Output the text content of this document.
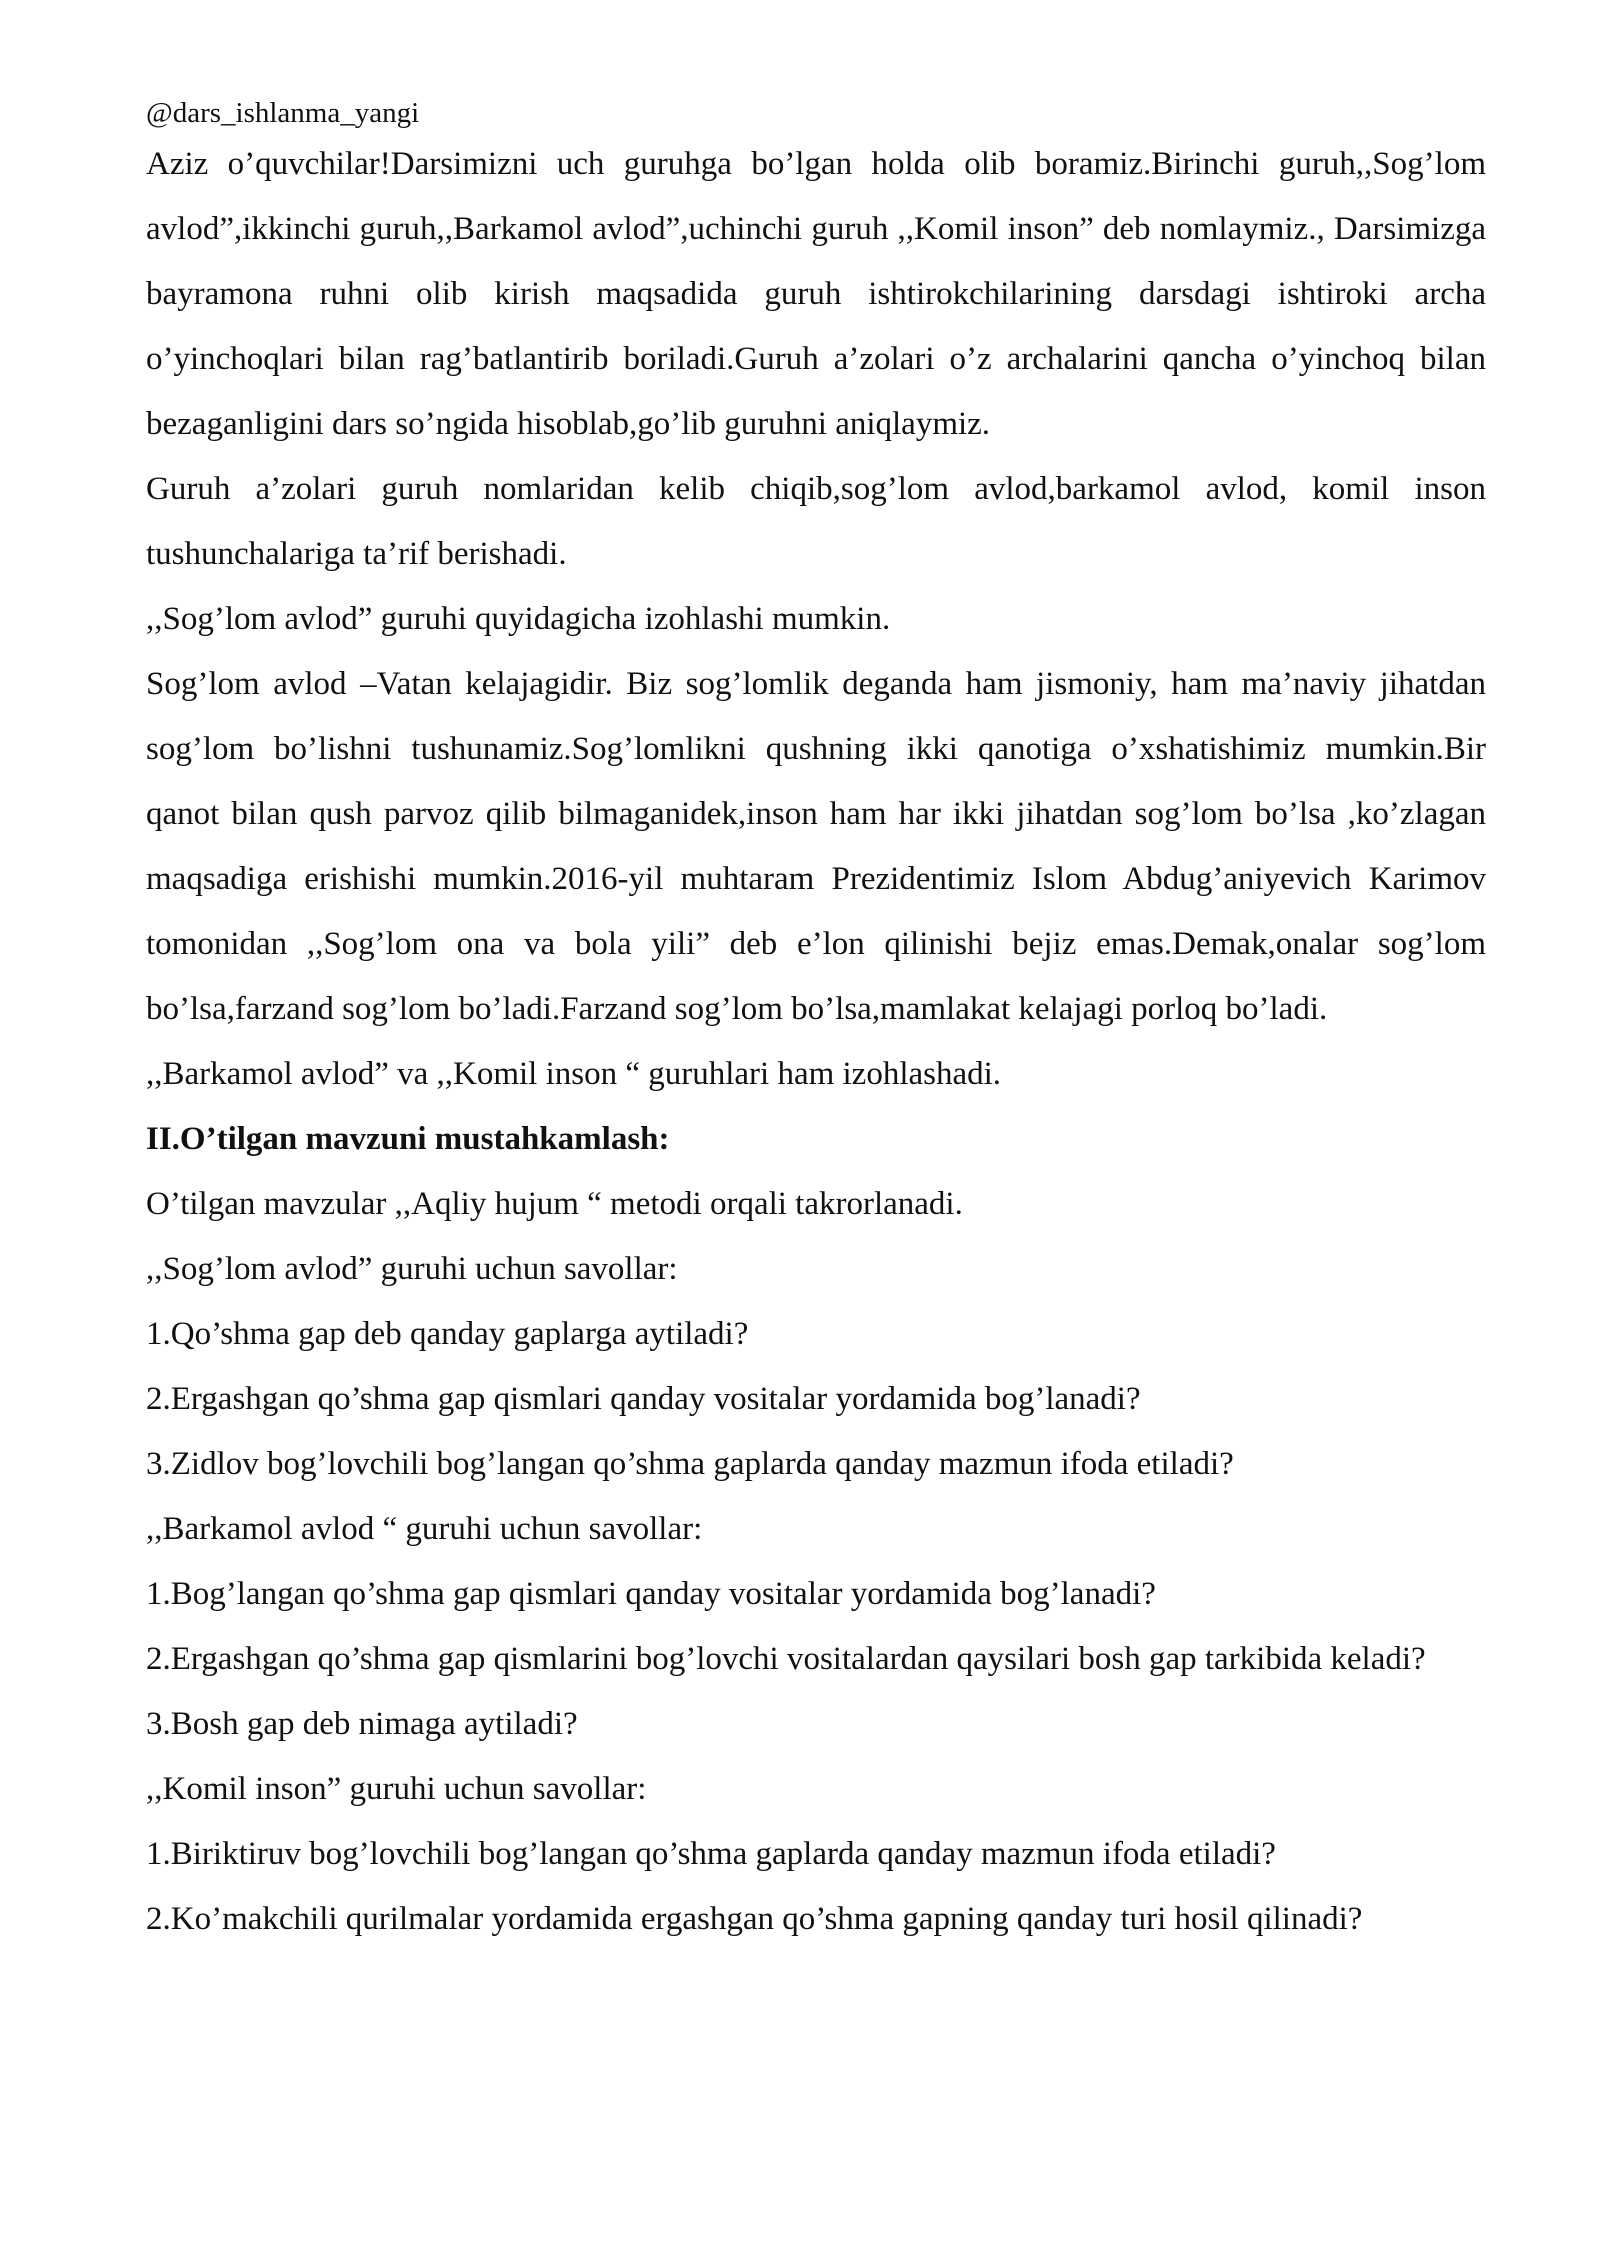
@dars_ishlanma_yangi

Aziz o’quvchilar!Darsimizni uch guruhga bo’lgan holda olib boramiz.Birinchi guruh,,Sog’lom avlod”,ikkinchi guruh,,Barkamol avlod”,uchinchi guruh ,,Komil inson” deb nomlaymiz., Darsimizga bayramona ruhni olib kirish maqsadida guruh ishtirokchilarining darsdagi ishtiroki archa o’yinchoqlari bilan rag’batlantirib boriladi.Guruh a’zolari o’z archalarini qancha o’yinchoq bilan bezaganligini dars so’ngida hisoblab,go’lib guruhni aniqlaymiz.

Guruh a’zolari guruh nomlaridan kelib chiqib,sog’lom avlod,barkamol avlod, komil inson tushunchalariga ta’rif berishadi.

,,Sog’lom avlod” guruhi quyidagicha izohlashi mumkin.

Sog’lom avlod –Vatan kelajagidir. Biz sog’lomlik deganda ham jismoniy, ham ma’naviy jihatdan sog’lom bo’lishni tushunamiz.Sog’lomlikni qushning ikki qanotiga o’xshatishimiz mumkin.Bir qanot bilan qush parvoz qilib bilmaganidek,inson ham har ikki jihatdan sog’lom bo’lsa ,ko’zlagan maqsadiga erishishi mumkin.2016-yil muhtaram Prezidentimiz Islom Abdug’aniyevich Karimov tomonidan ,,Sog’lom ona va bola yili” deb e’lon qilinishi bejiz emas.Demak,onalar sog’lom bo’lsa,farzand sog’lom bo’ladi.Farzand sog’lom bo’lsa,mamlakat kelajagi porloq bo’ladi.

,,Barkamol avlod” va ,,Komil inson “ guruhlari ham izohlashadi.

II.O’tilgan mavzuni mustahkamlash:

O’tilgan mavzular ,,Aqliy hujum “ metodi orqali takrorlanadi.

,,Sog’lom avlod” guruhi uchun savollar:

1.Qo’shma gap deb qanday gaplarga aytiladi?

2.Ergashgan qo’shma gap qismlari qanday vositalar yordamida bog’lanadi?

3.Zidlov bog’lovchili bog’langan qo’shma gaplarda qanday mazmun ifoda etiladi?

,,Barkamol avlod “ guruhi uchun savollar:

1.Bog’langan qo’shma gap qismlari qanday vositalar yordamida bog’lanadi?

2.Ergashgan qo’shma gap qismlarini bog’lovchi vositalardan qaysilari bosh gap tarkibida keladi?

3.Bosh gap deb nimaga aytiladi?

,,Komil inson” guruhi uchun savollar:

1.Biriktiruv bog’lovchili bog’langan qo’shma gaplarda qanday mazmun ifoda etiladi?

2.Ko’makchili qurilmalar yordamida ergashgan qo’shma gapning qanday turi hosil qilinadi?
